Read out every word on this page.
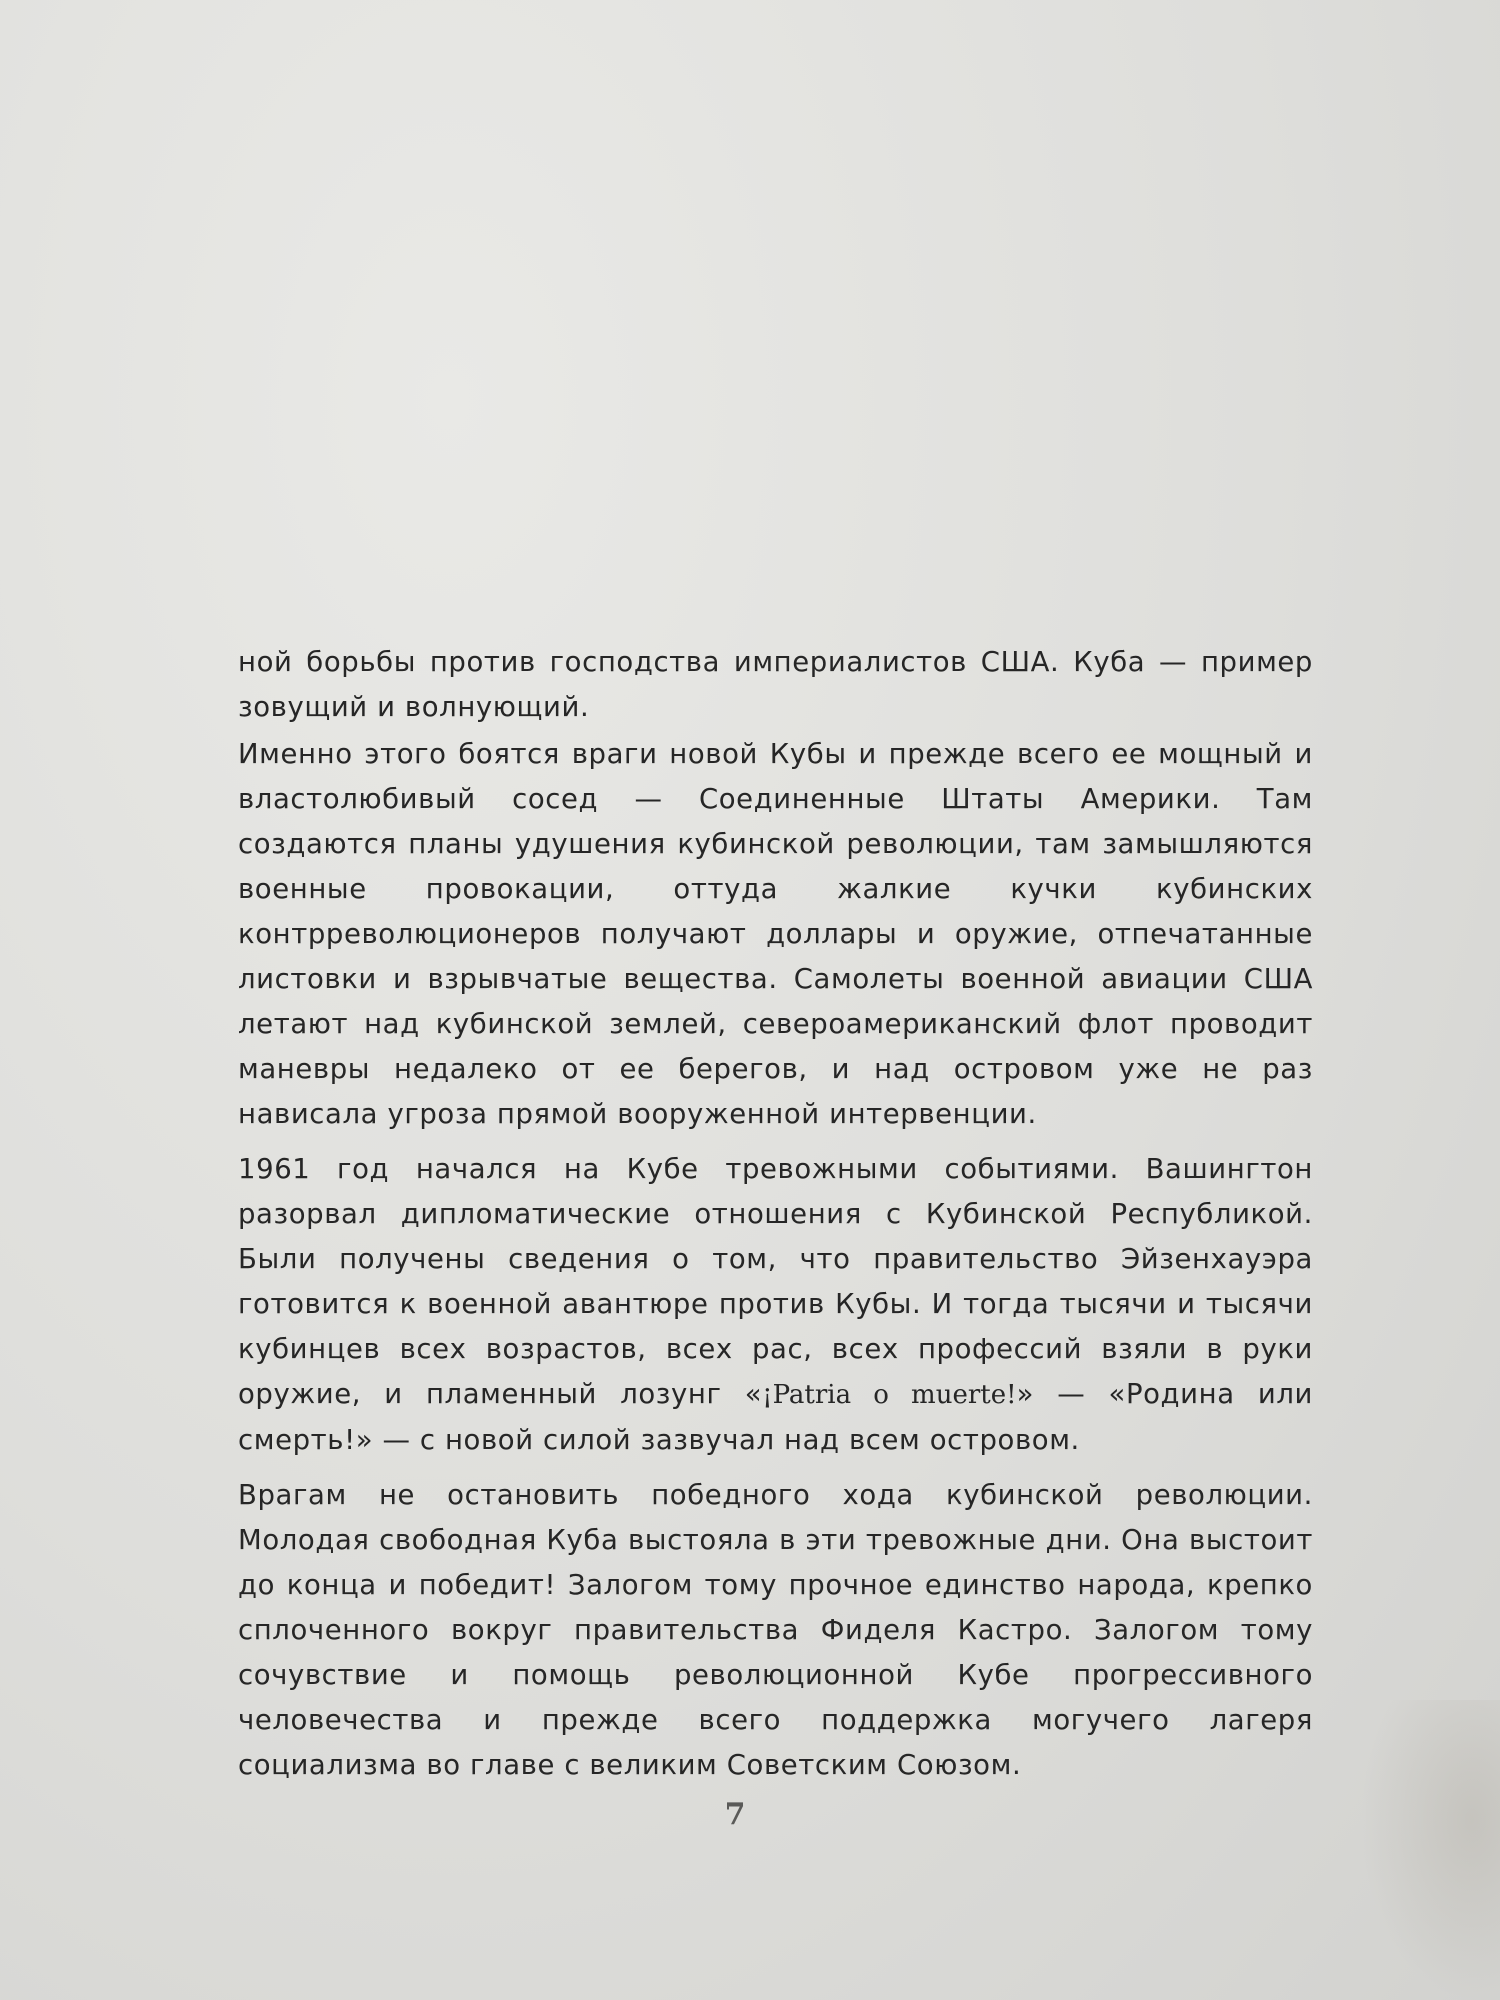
ной борьбы против господства империалистов США. Куба — пример зовущий и волнующий.

Именно этого боятся враги новой Кубы и прежде всего ее мощный и властолюбивый сосед — Соединенные Штаты Америки. Там создаются планы удушения кубинской революции, там замышляются военные провокации, оттуда жалкие кучки кубинских контрреволюционеров получают доллары и оружие, отпечатанные листовки и взрывчатые вещества. Самолеты военной авиации США летают над кубинской землей, североамериканский флот проводит маневры недалеко от ее берегов, и над островом уже не раз нависала угроза прямой вооруженной интервенции.

1961 год начался на Кубе тревожными событиями. Вашингтон разорвал дипломатические отношения с Кубинской Республикой. Были получены сведения о том, что правительство Эйзенхауэра готовится к военной авантюре против Кубы. И тогда тысячи и тысячи кубинцев всех возрастов, всех рас, всех профессий взяли в руки оружие, и пламенный лозунг «¡Patria o muerte!» — «Родина или смерть!» — с новой силой зазвучал над всем островом.

Врагам не остановить победного хода кубинской революции. Молодая свободная Куба выстояла в эти тревожные дни. Она выстоит до конца и победит! Залогом тому прочное единство народа, крепко сплоченного вокруг правительства Фиделя Кастро. Залогом тому сочувствие и помощь революционной Кубе прогрессивного человечества и прежде всего поддержка могучего лагеря социализма во главе с великим Советским Союзом.

7
